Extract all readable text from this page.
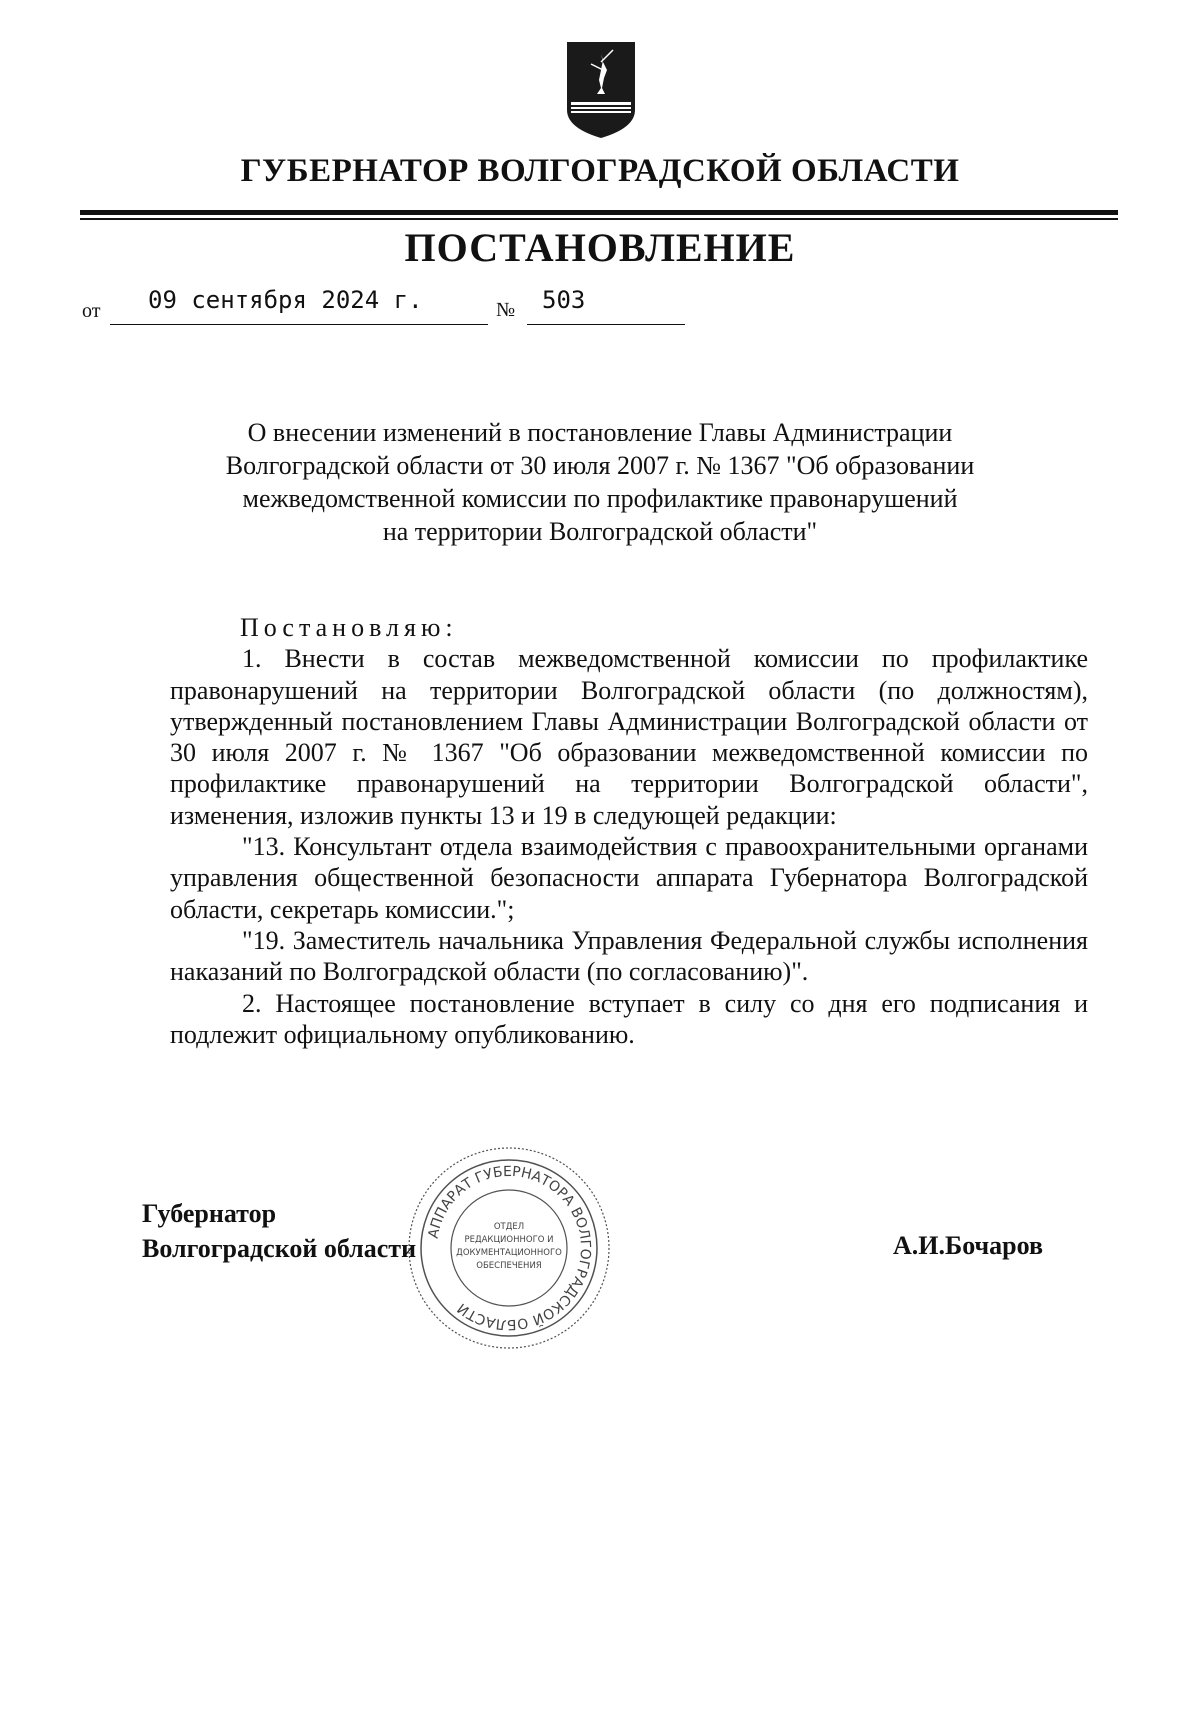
ГУБЕРНАТОР ВОЛГОГРАДСКОЙ ОБЛАСТИ
ПОСТАНОВЛЕНИЕ
от 09 сентября 2024 г.	№ 503
О внесении изменений в постановление Главы Администрации
Волгоградской области от 30 июля 2007 г. № 1367 "Об образовании
межведомственной комиссии по профилактике правонарушений
на территории Волгоградской области"

Постановляю:

1. Внести в состав межведомственной комиссии по профилактике правонарушений на территории Волгоградской области (по должностям), утвержденный постановлением Главы Администрации Волгоградской области от 30 июля 2007 г. № 1367 "Об образовании межведомственной комиссии по профилактике правонарушений на территории Волгоградской области", изменения, изложив пункты 13 и 19 в следующей редакции:

"13. Консультант отдела взаимодействия с правоохранительными органами управления общественной безопасности аппарата Губернатора Волгоградской области, секретарь комиссии.";

"19. Заместитель начальника Управления Федеральной службы исполнения наказаний по Волгоградской области (по согласованию)".

2. Настоящее постановление вступает в силу со дня его подписания и подлежит официальному опубликованию.

Губернатор
Волгоградской области	А.И.Бочаров
АППАРАТ ГУБЕРНАТОРА ВОЛГОГРАДСКОЙ ОБЛАСТИ
ОТДЕЛ
РЕДАКЦИОННОГО И
ДОКУМЕНТАЦИОННОГО
ОБЕСПЕЧЕНИЯ
